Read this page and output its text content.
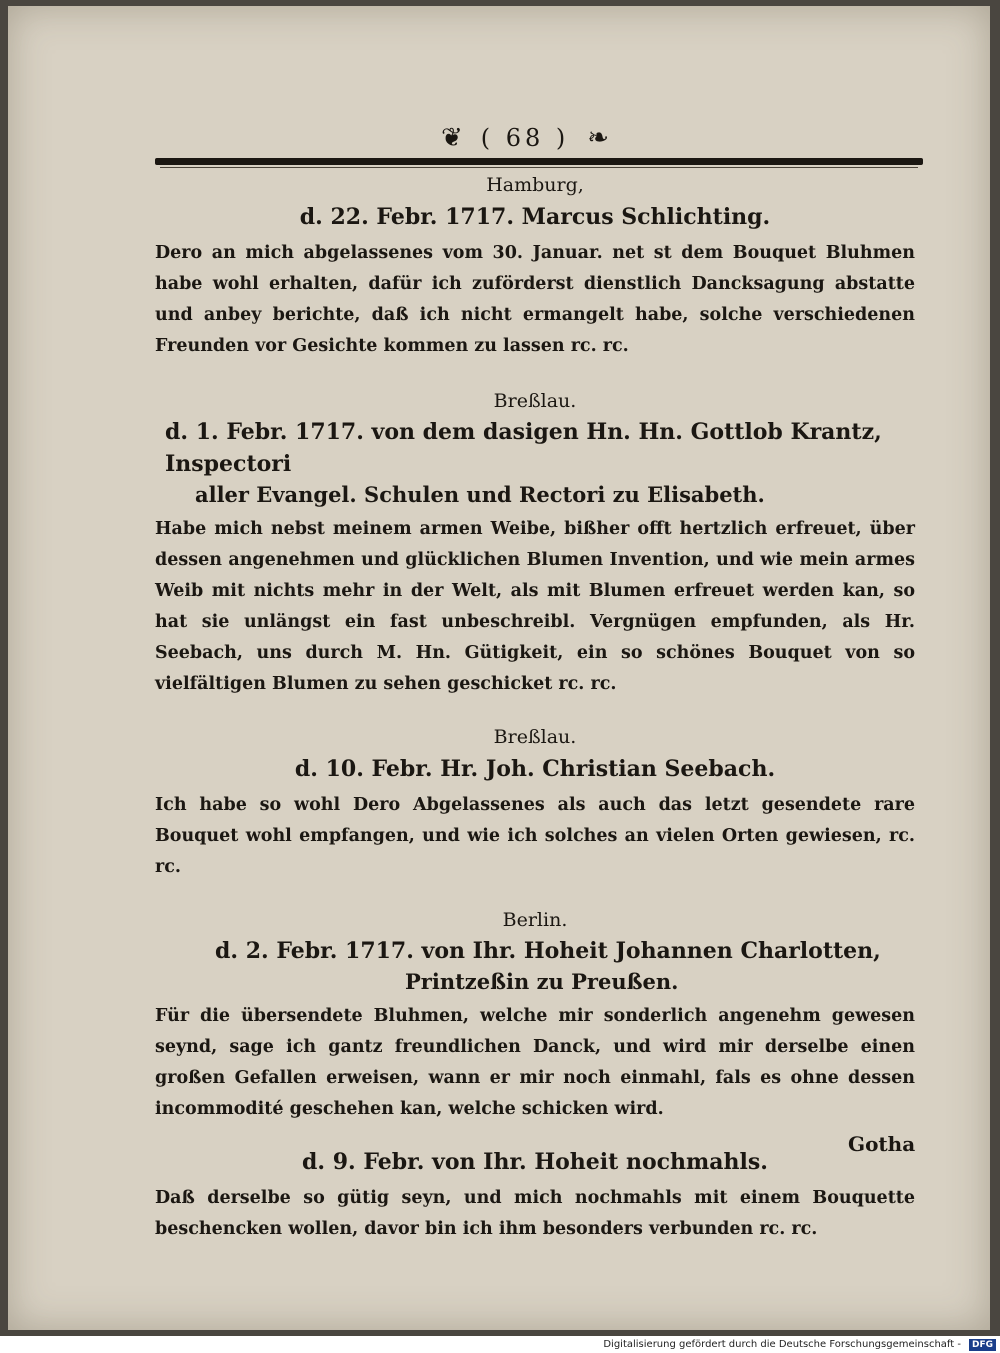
❦ ( 68 ) ❧

Hamburg,

d. 22. Febr. 1717. Marcus Schlichting.

Dero an mich abgelassenes vom 30. Januar. net st dem Bouquet Bluhmen habe wohl erhalten, dafür ich zuförderst dienstlich Dancksagung abstatte und anbey berichte, daß ich nicht ermangelt habe, solche verschiedenen Freunden vor Gesichte kommen zu lassen rc. rc.

Breßlau.

d. 1. Febr. 1717. von dem dasigen Hn. Hn. Gottlob Krantz, Inspectori

aller Evangel. Schulen und Rectori zu Elisabeth.

Habe mich nebst meinem armen Weibe, bißher offt hertzlich erfreuet, über dessen angenehmen und glücklichen Blumen Invention, und wie mein armes Weib mit nichts mehr in der Welt, als mit Blumen erfreuet werden kan, so hat sie unlängst ein fast unbeschreibl. Vergnügen empfunden, als Hr. Seebach, uns durch M. Hn. Gütigkeit, ein so schönes Bouquet von so vielfältigen Blumen zu sehen geschicket rc. rc.

Breßlau.

d. 10. Febr. Hr. Joh. Christian Seebach.

Ich habe so wohl Dero Abgelassenes als auch das letzt gesendete rare Bouquet wohl empfangen, und wie ich solches an vielen Orten gewiesen, rc. rc.

Berlin.

d. 2. Febr. 1717. von Ihr. Hoheit Johannen Charlotten,

Printzeßin zu Preußen.

Für die übersendete Bluhmen, welche mir sonderlich angenehm gewesen seynd, sage ich gantz freundlichen Danck, und wird mir derselbe einen großen Gefallen erweisen, wann er mir noch einmahl, fals es ohne dessen incommodité geschehen kan, welche schicken wird.

d. 9. Febr. von Ihr. Hoheit nochmahls.

Daß derselbe so gütig seyn, und mich nochmahls mit einem Bouquette beschencken wollen, davor bin ich ihm besonders verbunden rc. rc.

Gotha
Digitalisierung gefördert durch die Deutsche Forschungsgemeinschaft -	DFG
